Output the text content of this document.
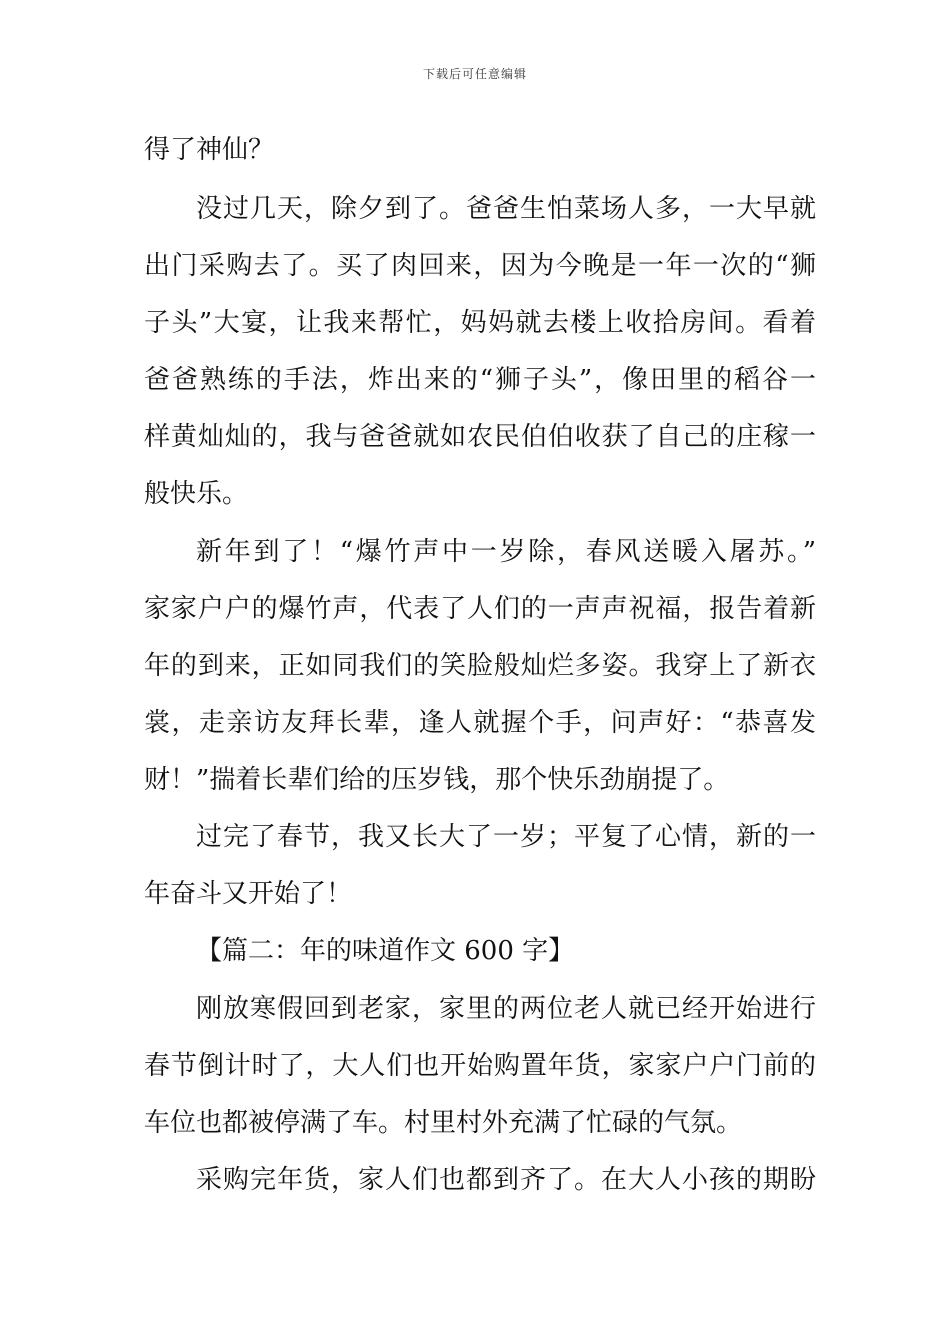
下载后可任意编辑
得了神仙？
没过几天，除夕到了。爸爸生怕菜场人多，一大早就
出门采购去了。买了肉回来，因为今晚是一年一次的“狮
子头”大宴，让我来帮忙，妈妈就去楼上收拾房间。看着
爸爸熟练的手法，炸出来的“狮子头”，像田里的稻谷一
样黄灿灿的，我与爸爸就如农民伯伯收获了自己的庄稼一
般快乐。
新年到了！“爆竹声中一岁除，春风送暖入屠苏。”
家家户户的爆竹声，代表了人们的一声声祝福，报告着新
年的到来，正如同我们的笑脸般灿烂多姿。我穿上了新衣
裳，走亲访友拜长辈，逢人就握个手，问声好：“恭喜发
财！”揣着长辈们给的压岁钱，那个快乐劲崩提了。
过完了春节，我又长大了一岁；平复了心情，新的一
年奋斗又开始了！
【篇二：年的味道作文 600 字】
刚放寒假回到老家，家里的两位老人就已经开始进行
春节倒计时了，大人们也开始购置年货，家家户户门前的
车位也都被停满了车。村里村外充满了忙碌的气氛。
采购完年货，家人们也都到齐了。在大人小孩的期盼
